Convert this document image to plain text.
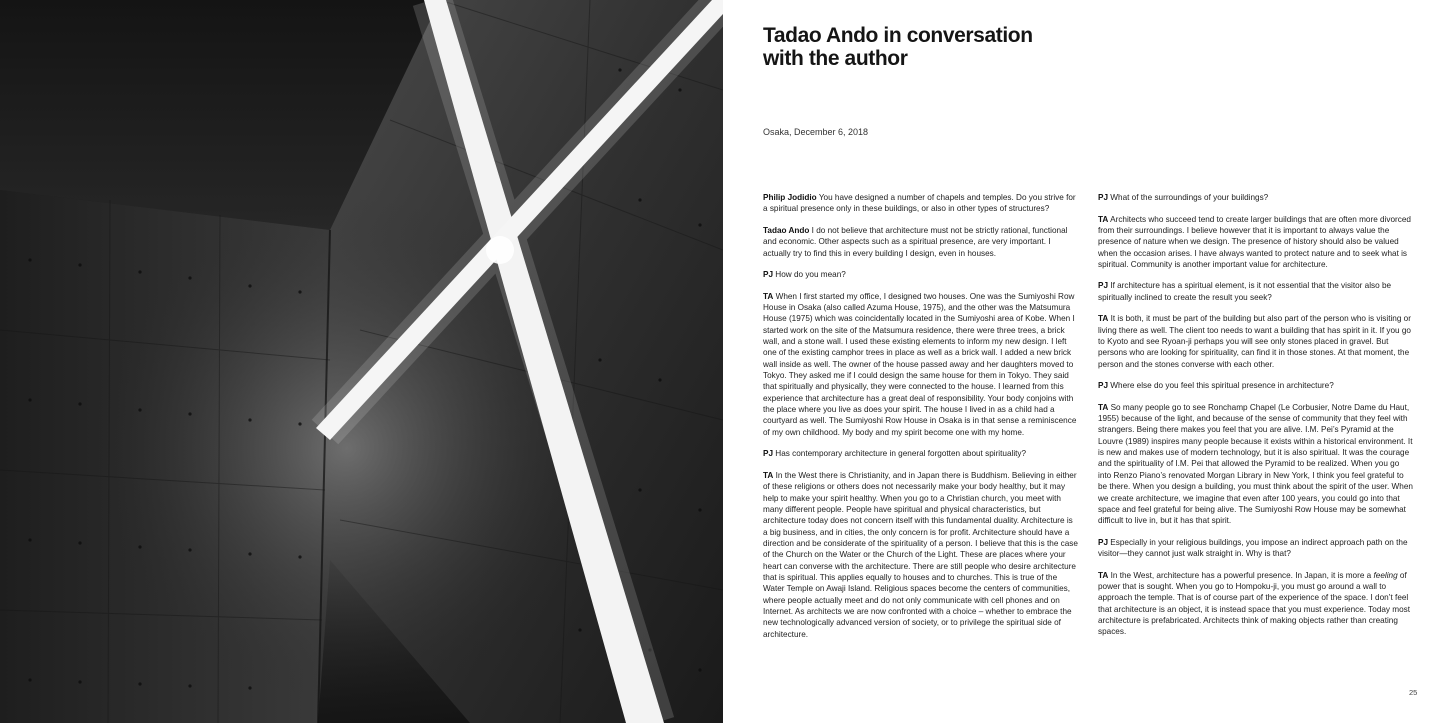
Tadao Ando in conversation
with the author
Osaka, December 6, 2018

Philip Jodidio You have designed a number of chapels and temples. Do you strive for a spiritual presence only in these buildings, or also in other types of structures?

Tadao Ando I do not believe that architecture must not be strictly rational, functional and economic. Other aspects such as a spiritual presence, are very important. I actually try to find this in every building I design, even in houses.

PJ How do you mean?

TA When I first started my office, I designed two houses. One was the Sumiyoshi Row House in Osaka (also called Azuma House, 1975), and the other was the Matsumura House (1975) which was coincidentally located in the Sumiyoshi area of Kobe. When I started work on the site of the Matsumura residence, there were three trees, a brick wall, and a stone wall. I used these existing elements to inform my new design. I left one of the existing camphor trees in place as well as a brick wall. I added a new brick wall inside as well. The owner of the house passed away and her daughters moved to Tokyo. They asked me if I could design the same house for them in Tokyo. They said that spiritually and physically, they were connected to the house. I learned from this experience that architecture has a great deal of responsibility. Your body conjoins with the place where you live as does your spirit. The house I lived in as a child had a courtyard as well. The Sumiyoshi Row House in Osaka is in that sense a reminiscence of my own childhood. My body and my spirit become one with my home.

PJ Has contemporary architecture in general forgotten about spirituality?

TA In the West there is Christianity, and in Japan there is Buddhism. Believing in either of these religions or others does not necessarily make your body healthy, but it may help to make your spirit healthy. When you go to a Christian church, you meet with many different people. People have spiritual and physical characteristics, but architecture today does not concern itself with this fundamental duality. Architecture is a big business, and in cities, the only concern is for profit. Architecture should have a direction and be considerate of the spirituality of a person. I believe that this is the case of the Church on the Water or the Church of the Light. These are places where your heart can converse with the architecture. There are still people who desire architecture that is spiritual. This applies equally to houses and to churches. This is true of the Water Temple on Awaji Island. Religious spaces become the centers of communities, where people actually meet and do not only communicate with cell phones and on Internet. As architects we are now confronted with a choice – whether to embrace the new technologically advanced version of society, or to privilege the spiritual side of architecture.

PJ What of the surroundings of your buildings?

TA Architects who succeed tend to create larger buildings that are often more divorced from their surroundings. I believe however that it is important to always value the presence of nature when we design. The presence of history should also be valued when the occasion arises. I have always wanted to protect nature and to seek what is spiritual. Community is another important value for architecture.

PJ If architecture has a spiritual element, is it not essential that the visitor also be spiritually inclined to create the result you seek?

TA It is both, it must be part of the building but also part of the person who is visiting or living there as well. The client too needs to want a building that has spirit in it. If you go to Kyoto and see Ryoan-ji perhaps you will see only stones placed in gravel. But persons who are looking for spirituality, can find it in those stones. At that moment, the person and the stones converse with each other.

PJ Where else do you feel this spiritual presence in architecture?

TA So many people go to see Ronchamp Chapel (Le Corbusier, Notre Dame du Haut, 1955) because of the light, and because of the sense of community that they feel with strangers. Being there makes you feel that you are alive. I.M. Pei’s Pyramid at the Louvre (1989) inspires many people because it exists within a historical environment. It is new and makes use of modern technology, but it is also spiritual. It was the courage and the spirituality of I.M. Pei that allowed the Pyramid to be realized. When you go into Renzo Piano’s renovated Morgan Library in New York, I think you feel grateful to be there. When you design a building, you must think about the spirit of the user. When we create architecture, we imagine that even after 100 years, you could go into that space and feel grateful for being alive. The Sumiyoshi Row House may be somewhat difficult to live in, but it has that spirit.

PJ Especially in your religious buildings, you impose an indirect approach path on the visitor—they cannot just walk straight in. Why is that?

TA In the West, architecture has a powerful presence. In Japan, it is more a feeling of power that is sought. When you go to Hompoku-ji, you must go around a wall to approach the temple. That is of course part of the experience of the space. I don’t feel that architecture is an object, it is instead space that you must experience. Today most architecture is prefabricated. Architects think of making objects rather than creating spaces.

25
